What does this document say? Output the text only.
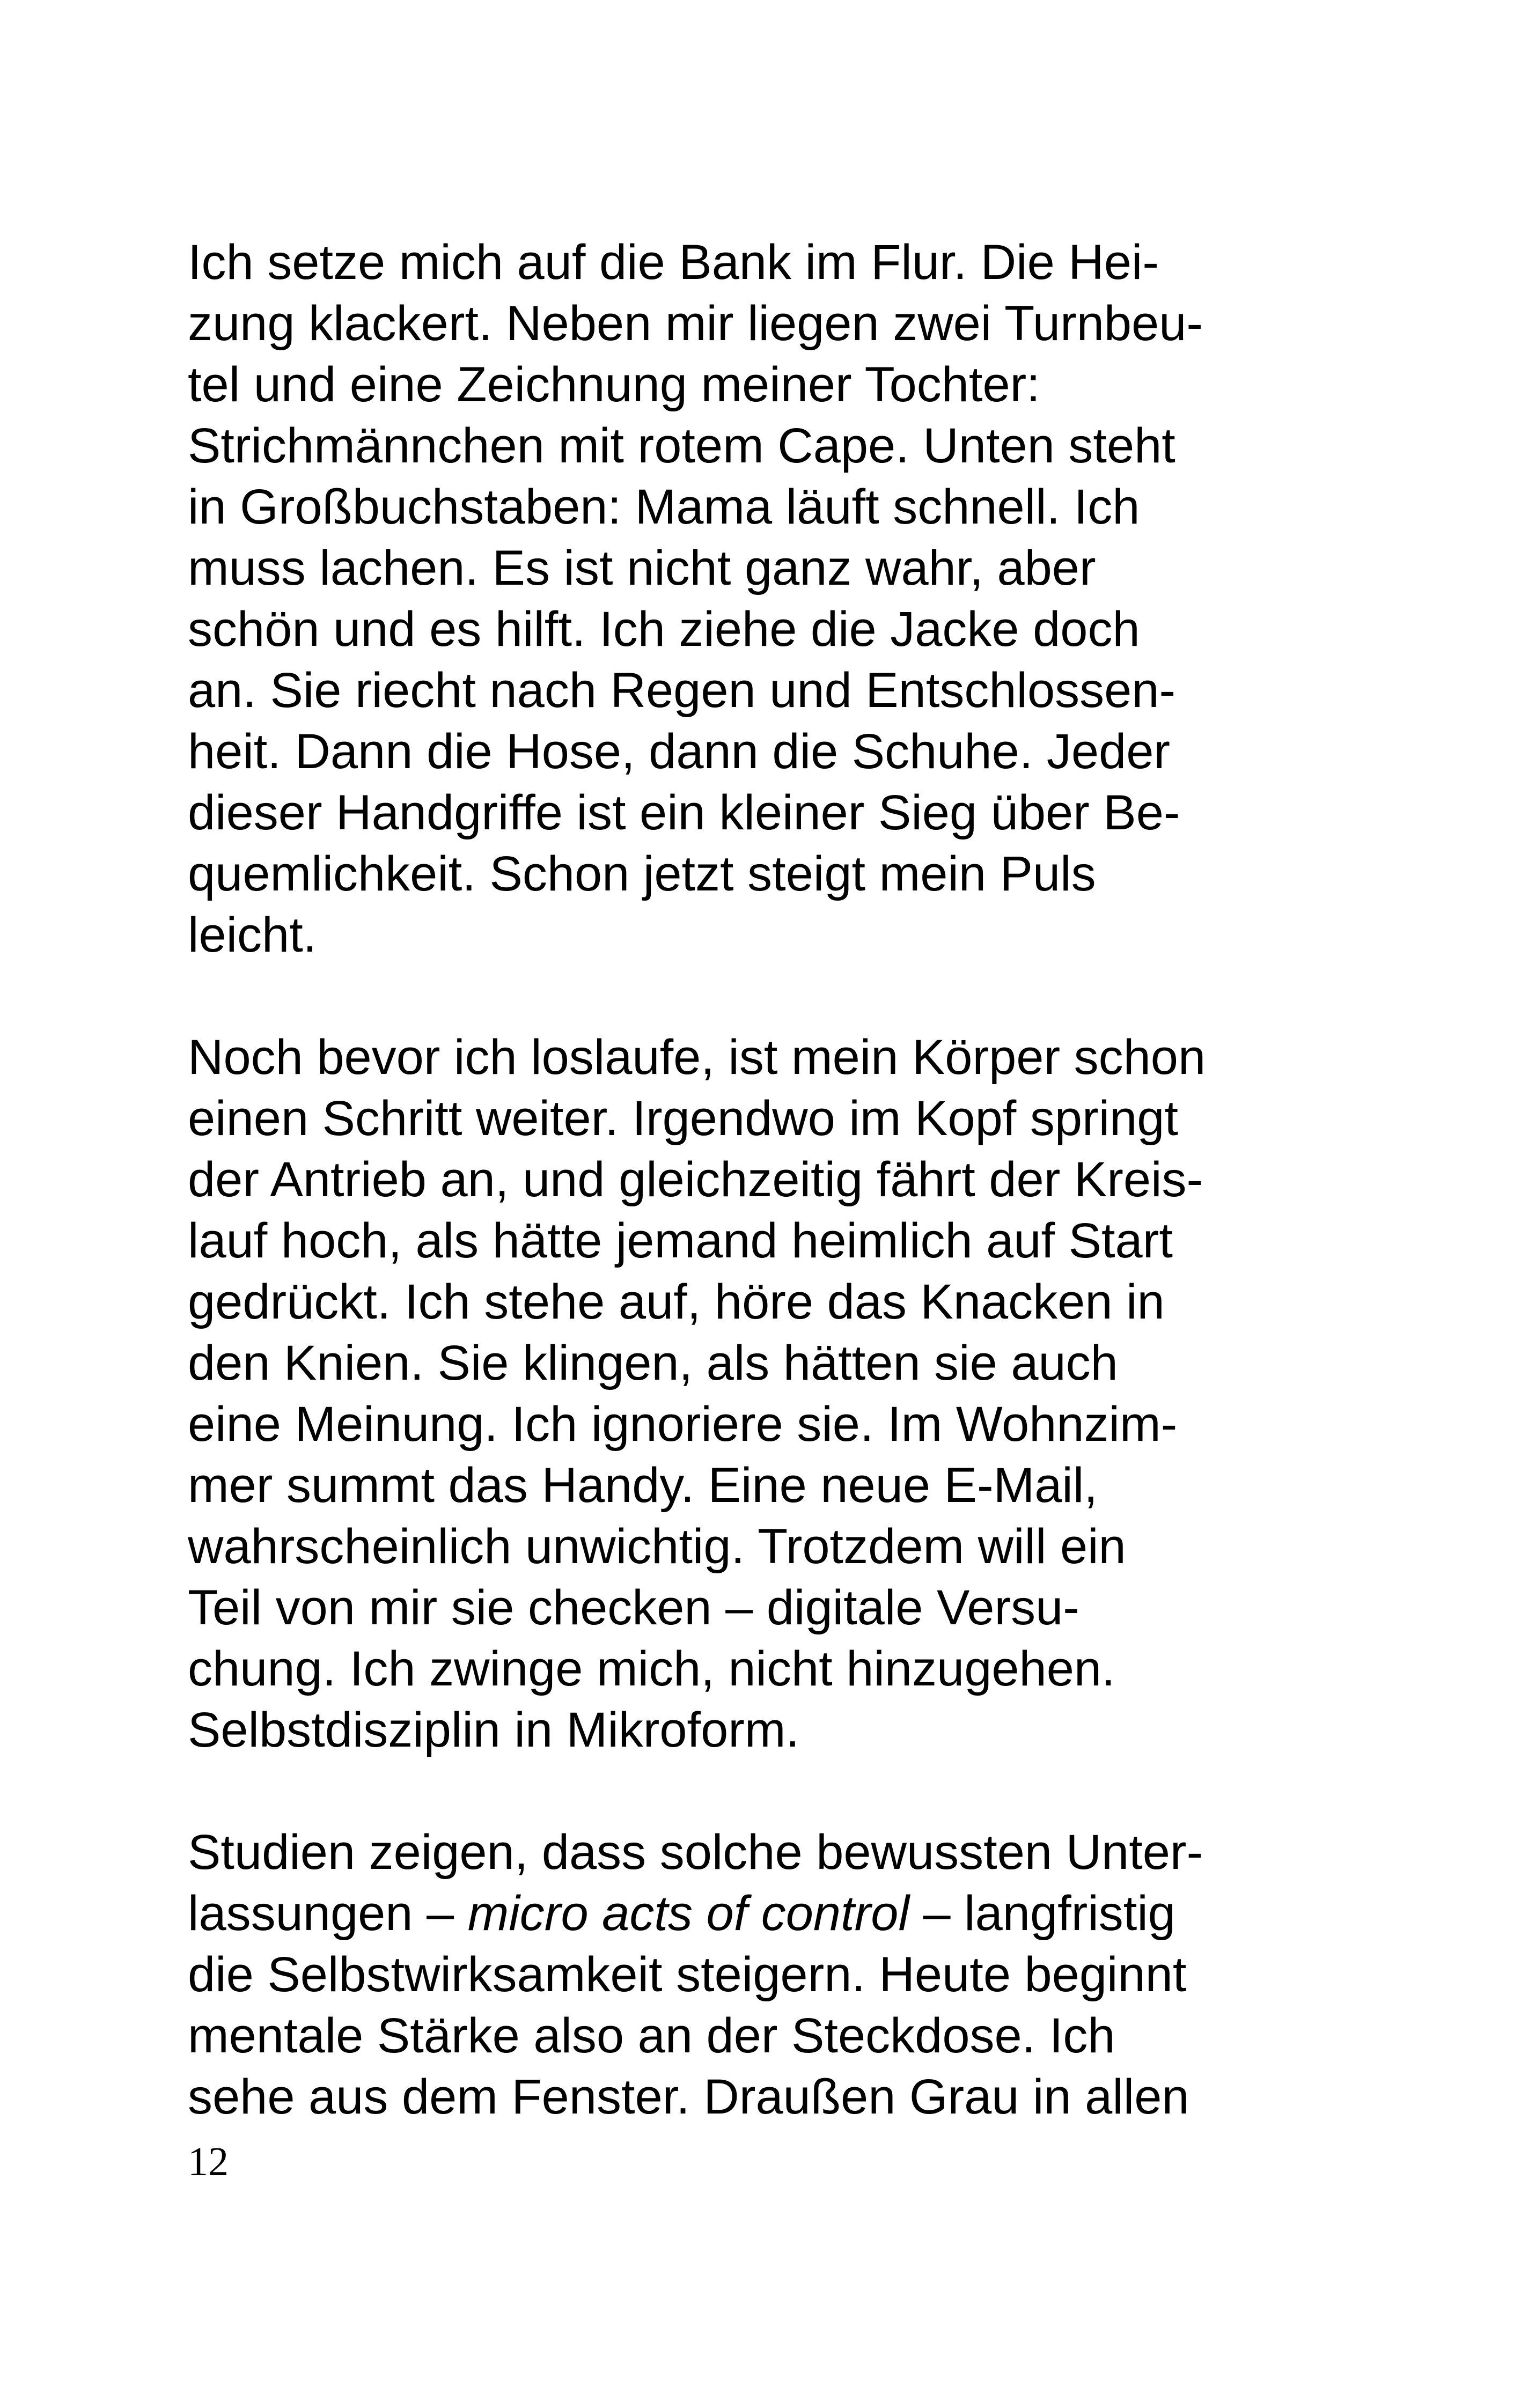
Ich setze mich auf die Bank im Flur. Die Hei-
zung klackert. Neben mir liegen zwei Turnbeu-
tel und eine Zeichnung meiner Tochter:
Strichmännchen mit rotem Cape. Unten steht
in Großbuchstaben: Mama läuft schnell. Ich
muss lachen. Es ist nicht ganz wahr, aber
schön und es hilft. Ich ziehe die Jacke doch
an. Sie riecht nach Regen und Entschlossen-
heit. Dann die Hose, dann die Schuhe. Jeder
dieser Handgriffe ist ein kleiner Sieg über Be-
quemlichkeit. Schon jetzt steigt mein Puls
leicht.
Noch bevor ich loslaufe, ist mein Körper schon
einen Schritt weiter. Irgendwo im Kopf springt
der Antrieb an, und gleichzeitig fährt der Kreis-
lauf hoch, als hätte jemand heimlich auf Start
gedrückt. Ich stehe auf, höre das Knacken in
den Knien. Sie klingen, als hätten sie auch
eine Meinung. Ich ignoriere sie. Im Wohnzim-
mer summt das Handy. Eine neue E-Mail,
wahrscheinlich unwichtig. Trotzdem will ein
Teil von mir sie checken – digitale Versu-
chung. Ich zwinge mich, nicht hinzugehen.
Selbstdisziplin in Mikroform.
Studien zeigen, dass solche bewussten Unter-
lassungen – micro acts of control – langfristig
die Selbstwirksamkeit steigern. Heute beginnt
mentale Stärke also an der Steckdose. Ich
sehe aus dem Fenster. Draußen Grau in allen
12
